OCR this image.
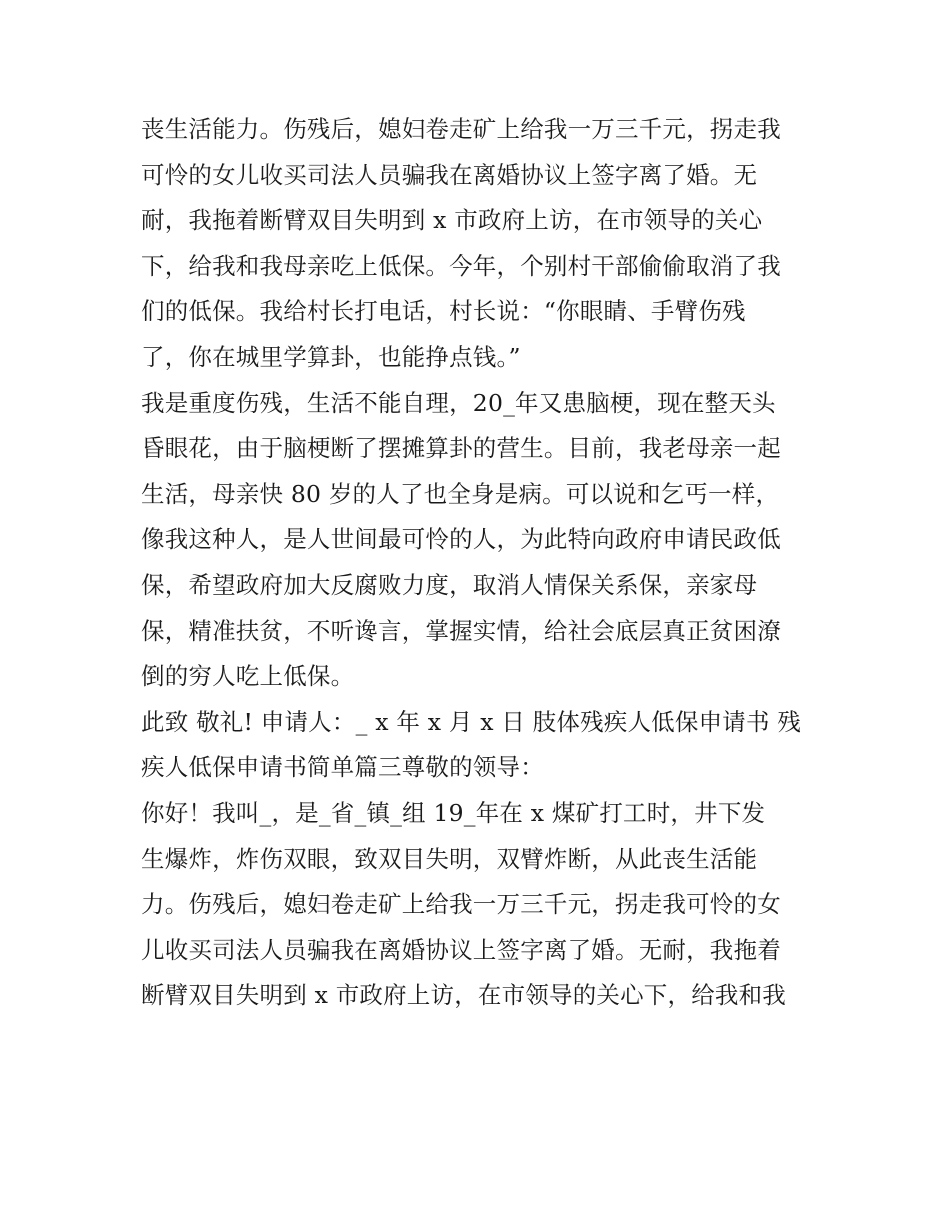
丧生活能力。伤残后，媳妇卷走矿上给我一万三千元，拐走我
可怜的女儿收买司法人员骗我在离婚协议上签字离了婚。无
耐，我拖着断臂双目失明到 x 市政府上访，在市领导的关心
下，给我和我母亲吃上低保。今年，个别村干部偷偷取消了我
们的低保。我给村长打电话，村长说：“你眼睛、手臂伤残
了，你在城里学算卦，也能挣点钱。”
我是重度伤残，生活不能自理，20_年又患脑梗，现在整天头
昏眼花，由于脑梗断了摆摊算卦的营生。目前，我老母亲一起
生活，母亲快 80 岁的人了也全身是病。可以说和乞丐一样，
像我这种人，是人世间最可怜的人，为此特向政府申请民政低
保，希望政府加大反腐败力度，取消人情保关系保，亲家母
保，精准扶贫，不听谗言，掌握实情，给社会底层真正贫困潦
倒的穷人吃上低保。
此致 敬礼! 申请人：_ x 年 x 月 x 日 肢体残疾人低保申请书 残
疾人低保申请书简单篇三尊敬的领导：
你好！我叫_，是_省_镇_组 19_年在 x 煤矿打工时，井下发
生爆炸，炸伤双眼，致双目失明，双臂炸断，从此丧生活能
力。伤残后，媳妇卷走矿上给我一万三千元，拐走我可怜的女
儿收买司法人员骗我在离婚协议上签字离了婚。无耐，我拖着
断臂双目失明到 x 市政府上访，在市领导的关心下，给我和我
